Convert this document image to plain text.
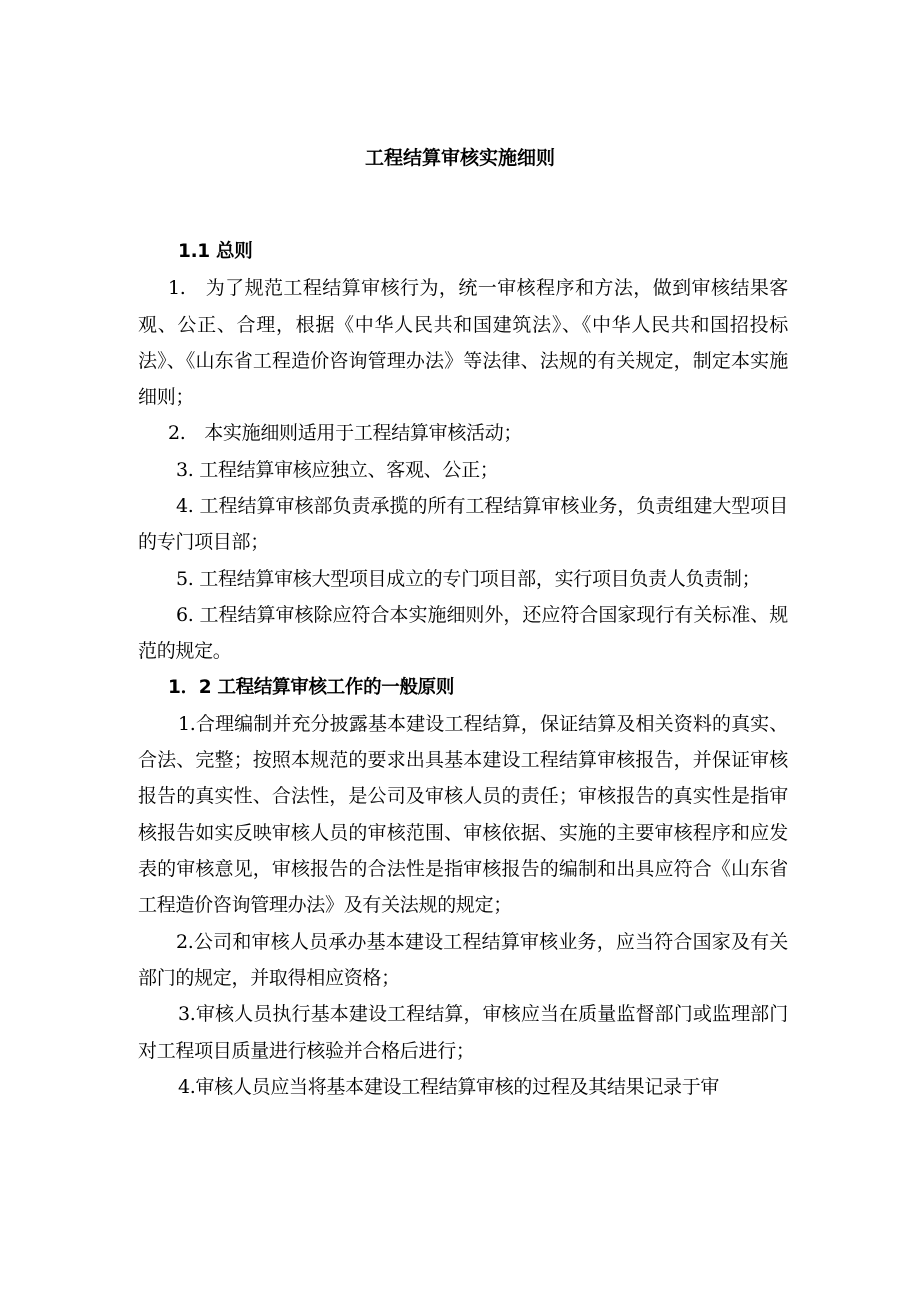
工程结算审核实施细则

1.1 总则

1.　为了规范工程结算审核行为，统一审核程序和方法，做到审核结果客观、公正、合理，根据《中华人民共和国建筑法》、《中华人民共和国招投标法》、《山东省工程造价咨询管理办法》等法律、法规的有关规定，制定本实施细则；

2.　本实施细则适用于工程结算审核活动；

3. 工程结算审核应独立、客观、公正；

4. 工程结算审核部负责承揽的所有工程结算审核业务，负责组建大型项目的专门项目部；

5. 工程结算审核大型项目成立的专门项目部，实行项目负责人负责制；

6. 工程结算审核除应符合本实施细则外，还应符合国家现行有关标准、规范的规定。

1．2 工程结算审核工作的一般原则

1.合理编制并充分披露基本建设工程结算，保证结算及相关资料的真实、合法、完整；按照本规范的要求出具基本建设工程结算审核报告，并保证审核报告的真实性、合法性，是公司及审核人员的责任；审核报告的真实性是指审核报告如实反映审核人员的审核范围、审核依据、实施的主要审核程序和应发表的审核意见，审核报告的合法性是指审核报告的编制和出具应符合《山东省工程造价咨询管理办法》及有关法规的规定；

2.公司和审核人员承办基本建设工程结算审核业务，应当符合国家及有关部门的规定，并取得相应资格；

3.审核人员执行基本建设工程结算，审核应当在质量监督部门或监理部门对工程项目质量进行核验并合格后进行；

4.审核人员应当将基本建设工程结算审核的过程及其结果记录于审
